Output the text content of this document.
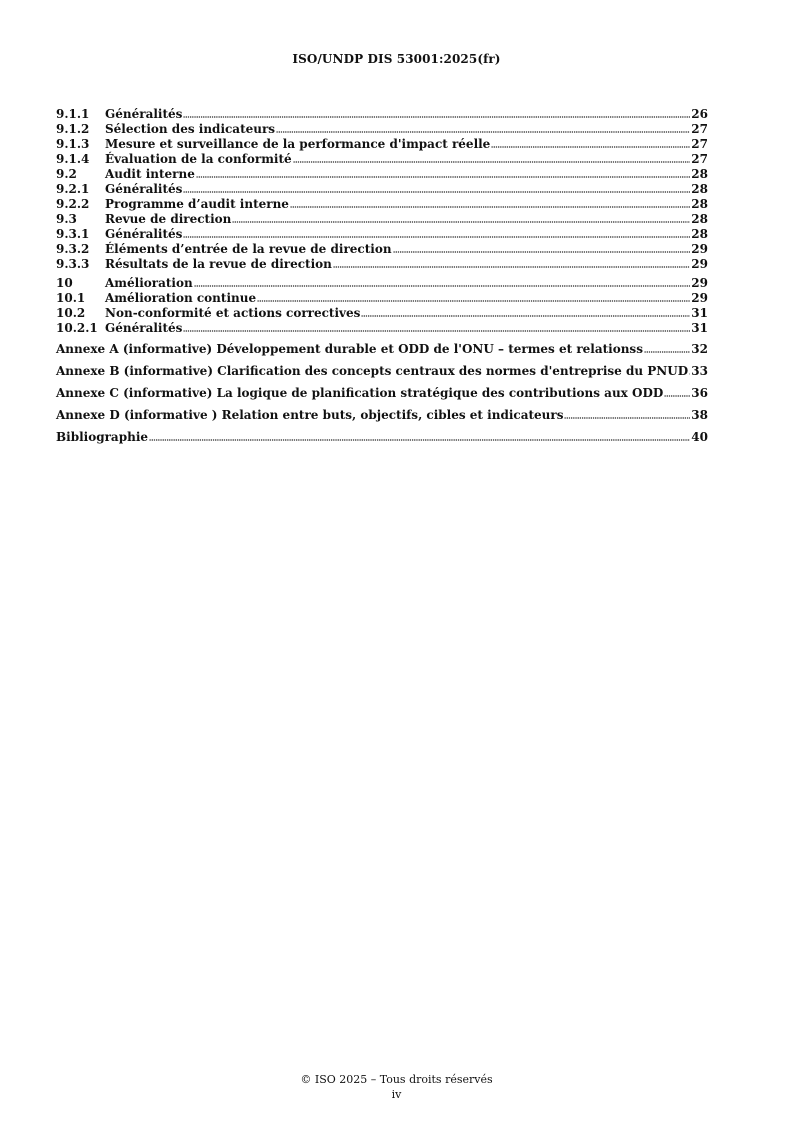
ISO/UNDP DIS 53001:2025(fr)
9.1.1	Généralités	26
9.1.2	Sélection des indicateurs	27
9.1.3	Mesure et surveillance de la performance d'impact réelle	27
9.1.4	Évaluation de la conformité	27
9.2	Audit interne	28
9.2.1	Généralités	28
9.2.2	Programme d’audit interne	28
9.3	Revue de direction	28
9.3.1	Généralités	28
9.3.2	Éléments d’entrée de la revue de direction	29
9.3.3	Résultats de la revue de direction	29
10	Amélioration	29
10.1	Amélioration continue	29
10.2	Non-conformité et actions correctives	31
10.2.1 Généralités	31
Annexe A (informative) Développement durable et ODD de l'ONU – termes et relationss	32
Annexe B (informative) Clarification des concepts centraux des normes d'entreprise du PNUD 33
Annexe C (informative) La logique de planification stratégique des contributions aux ODD 36
Annexe D (informative ) Relation entre buts, objectifs, cibles et indicateurs	38
Bibliographie	40
© ISO 2025 – Tous droits réservés
iv
